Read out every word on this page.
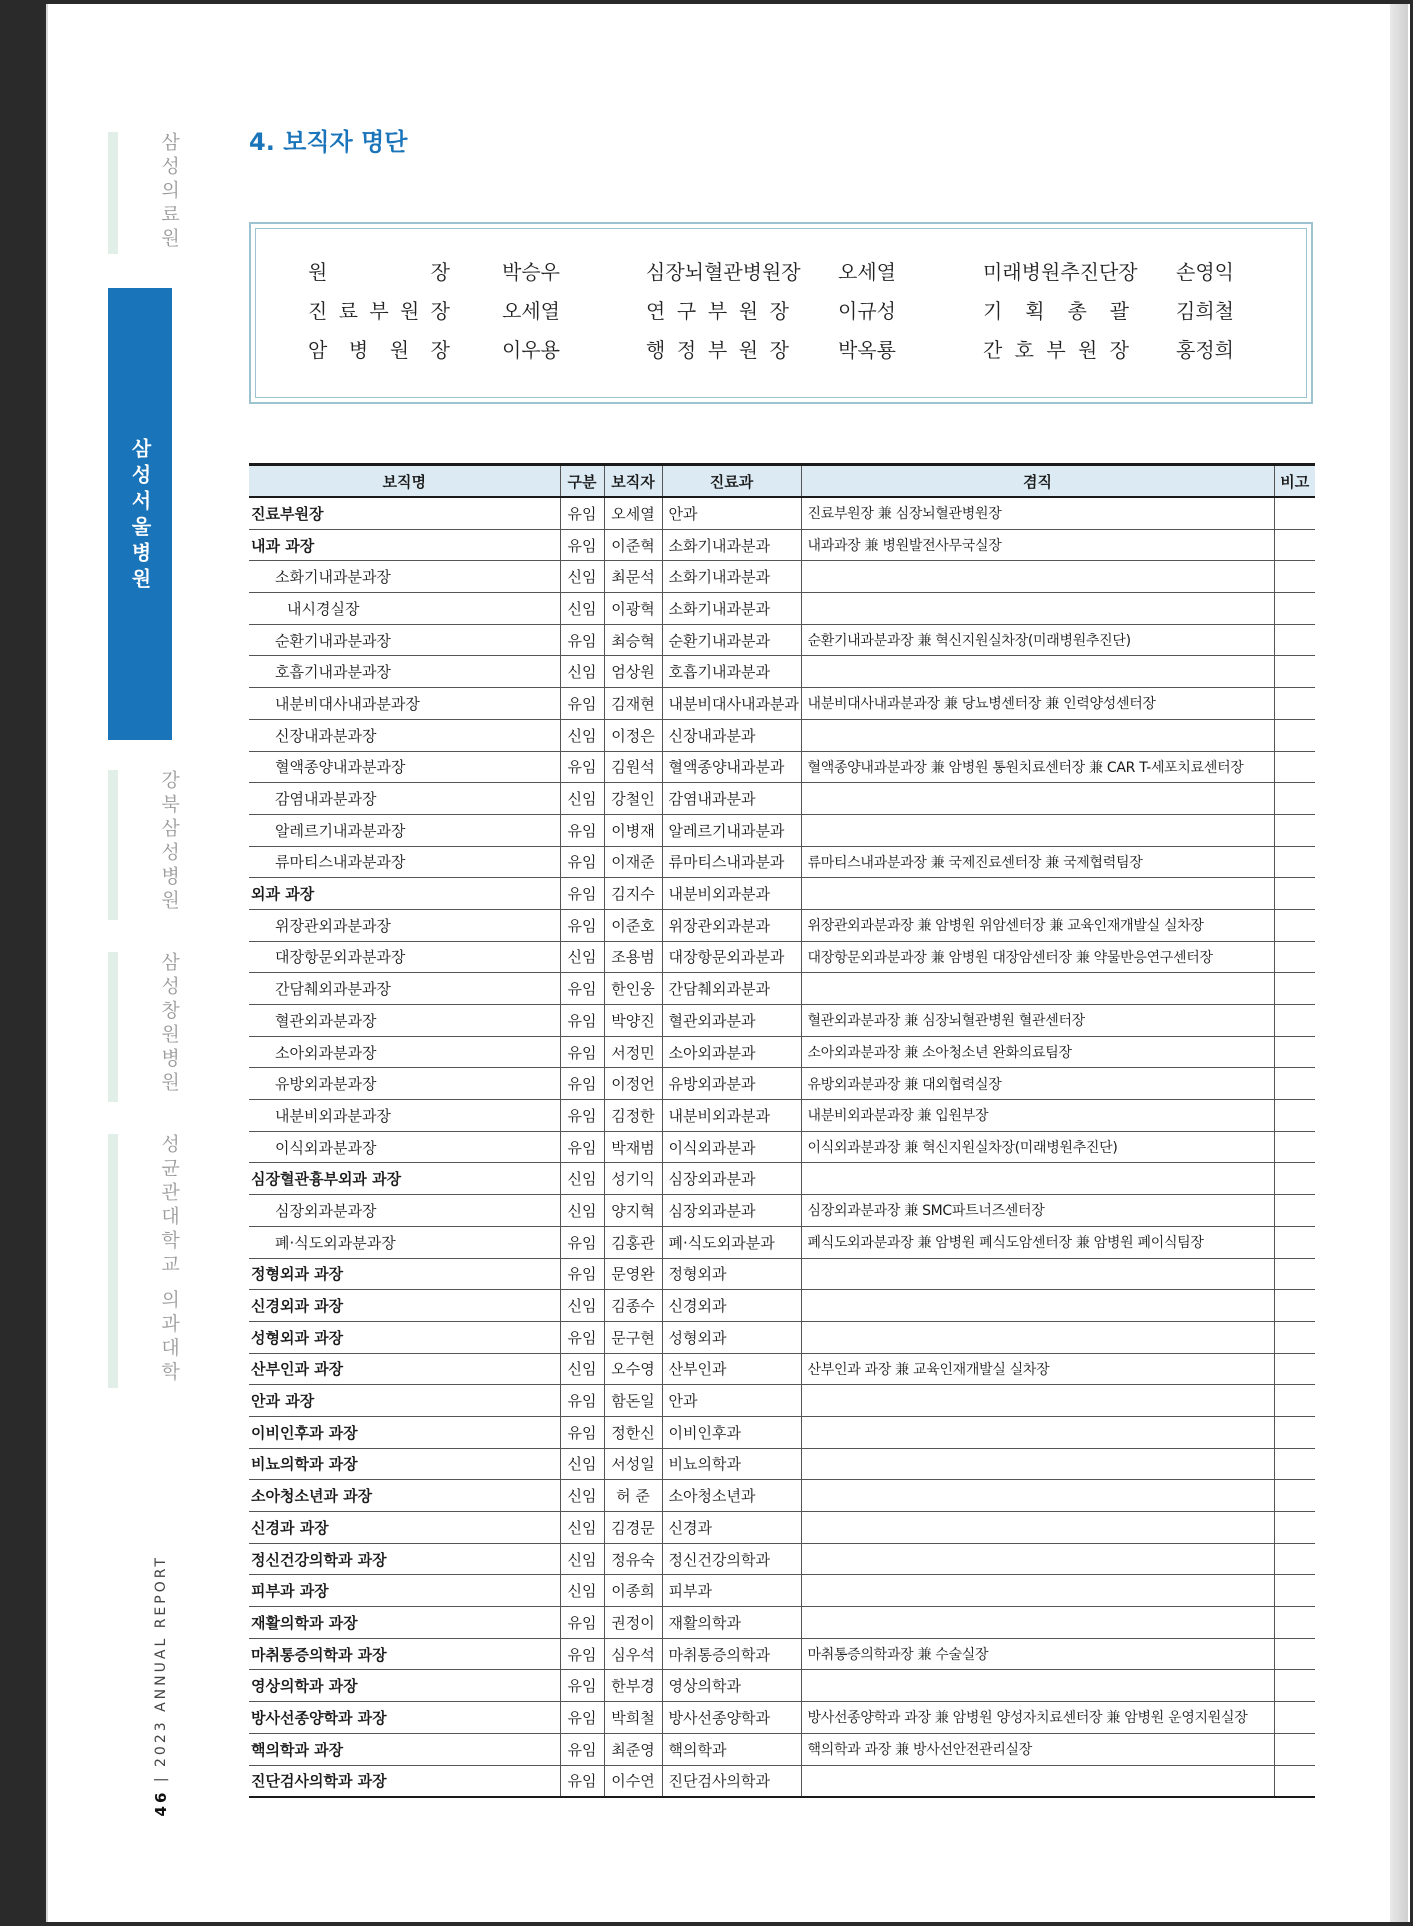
삼성의료원
삼성서울병원
강북삼성병원
삼성창원병원
성균관대학교 의과대학
46 | 2023 ANNUAL REPORT
4. 보직자 명단
원	장	박승우	심 장 뇌 혈 관 병 원 장 오세열	미 래 병 원 추 진 단 장 손영익
진 료 부 원 장	오세열	연 구 부 원 장 이규성	기 획 총 괄 김희철
암 병 원 장	이우용	행 정 부 원 장 박옥룡	간 호 부 원 장 홍정희
보직명	구분	보직자	진료과	겸직	비고
진료부원장	유임	오세열	안과	진료부원장 兼 심장뇌혈관병원장	
내과 과장	유임	이준혁	소화기내과분과	내과과장 兼 병원발전사무국실장	
소화기내과분과장	신임	최문석	소화기내과분과		
내시경실장	신임	이광혁	소화기내과분과		
순환기내과분과장	유임	최승혁	순환기내과분과	순환기내과분과장 兼 혁신지원실차장(미래병원추진단)	
호흡기내과분과장	신임	엄상원	호흡기내과분과		
내분비대사내과분과장	유임	김재현	내분비대사내과분과	내분비대사내과분과장 兼 당뇨병센터장 兼 인력양성센터장	
신장내과분과장	신임	이정은	신장내과분과		
혈액종양내과분과장	유임	김원석	혈액종양내과분과	혈액종양내과분과장 兼 암병원 통원치료센터장 兼 CAR T-세포치료센터장	
감염내과분과장	신임	강철인	감염내과분과		
알레르기내과분과장	유임	이병재	알레르기내과분과		
류마티스내과분과장	유임	이재준	류마티스내과분과	류마티스내과분과장 兼 국제진료센터장 兼 국제협력팀장	
외과 과장	유임	김지수	내분비외과분과		
위장관외과분과장	유임	이준호	위장관외과분과	위장관외과분과장 兼 암병원 위암센터장 兼 교육인재개발실 실차장	
대장항문외과분과장	신임	조용범	대장항문외과분과	대장항문외과분과장 兼 암병원 대장암센터장 兼 약물반응연구센터장	
간담췌외과분과장	유임	한인웅	간담췌외과분과		
혈관외과분과장	유임	박양진	혈관외과분과	혈관외과분과장 兼 심장뇌혈관병원 혈관센터장	
소아외과분과장	유임	서정민	소아외과분과	소아외과분과장 兼 소아청소년 완화의료팀장	
유방외과분과장	유임	이정언	유방외과분과	유방외과분과장 兼 대외협력실장	
내분비외과분과장	유임	김정한	내분비외과분과	내분비외과분과장 兼 입원부장	
이식외과분과장	유임	박재범	이식외과분과	이식외과분과장 兼 혁신지원실차장(미래병원추진단)	
심장혈관흉부외과 과장	신임	성기익	심장외과분과		
심장외과분과장	신임	양지혁	심장외과분과	심장외과분과장 兼 SMC파트너즈센터장	
폐·식도외과분과장	유임	김홍관	폐·식도외과분과	폐식도외과분과장 兼 암병원 폐식도암센터장 兼 암병원 폐이식팀장	
정형외과 과장	유임	문영완	정형외과		
신경외과 과장	신임	김종수	신경외과		
성형외과 과장	유임	문구현	성형외과		
산부인과 과장	신임	오수영	산부인과	산부인과 과장 兼 교육인재개발실 실차장	
안과 과장	유임	함돈일	안과		
이비인후과 과장	유임	정한신	이비인후과		
비뇨의학과 과장	신임	서성일	비뇨의학과		
소아청소년과 과장	신임	허 준	소아청소년과		
신경과 과장	신임	김경문	신경과		
정신건강의학과 과장	신임	정유숙	정신건강의학과		
피부과 과장	신임	이종희	피부과		
재활의학과 과장	유임	권정이	재활의학과		
마취통증의학과 과장	유임	심우석	마취통증의학과	마취통증의학과장 兼 수술실장	
영상의학과 과장	유임	한부경	영상의학과		
방사선종양학과 과장	유임	박희철	방사선종양학과	방사선종양학과 과장 兼 암병원 양성자치료센터장 兼 암병원 운영지원실장	
핵의학과 과장	유임	최준영	핵의학과	핵의학과 과장 兼 방사선안전관리실장	
진단검사의학과 과장	유임	이수연	진단검사의학과		
